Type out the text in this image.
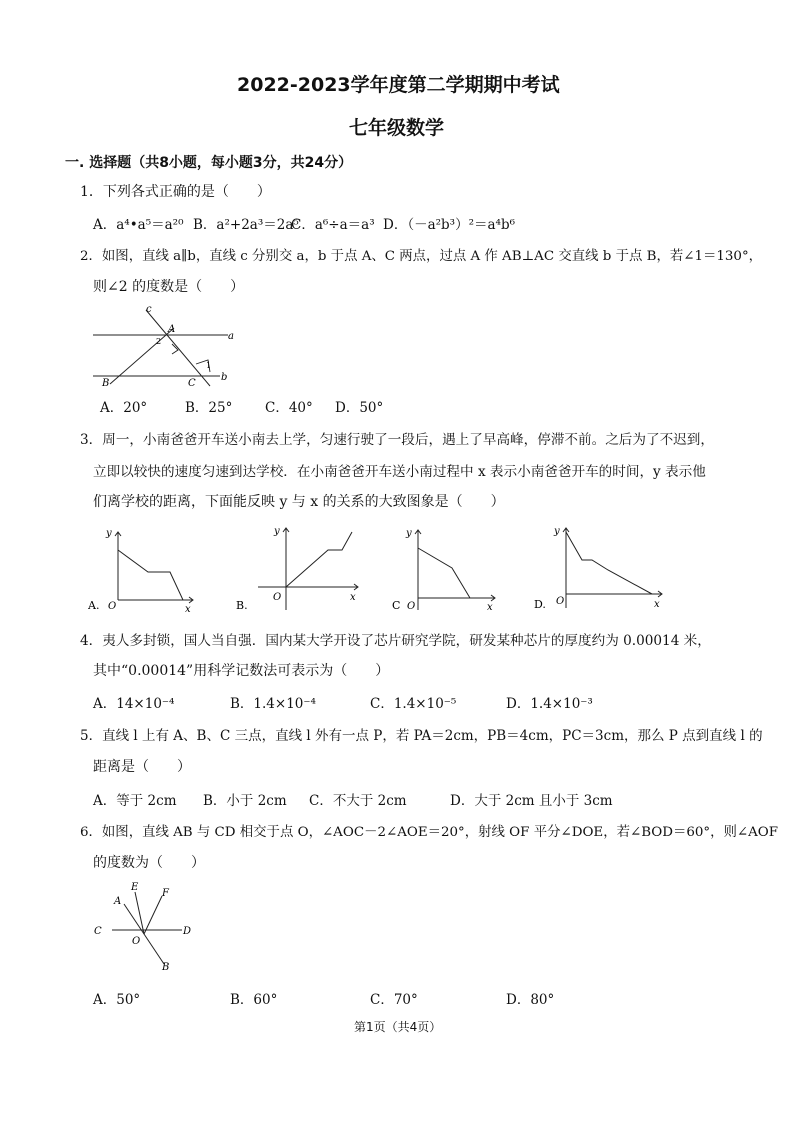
2022-2023学年度第二学期期中考试
七年级数学
一. 选择题（共8小题，每小题3分，共24分）
1．下列各式正确的是（　　）
A．a⁴•a⁵＝a²⁰ B．a²+2a³＝2a⁵
C．a⁶÷a＝a³ D．（－a²b³）²＝a⁴b⁶
2．如图，直线 a∥b，直线 c 分别交 a，b 于点 A、C 两点，过点 A 作 AB⊥AC 交直线 b 于点 B，若∠1＝130°，
则∠2 的度数是（　　）
c
a
A
2
1
B	C
b
A．20°	B．25° C．40° D．50°
3．周一，小南爸爸开车送小南去上学，匀速行驶了一段后，遇上了早高峰，停滞不前。之后为了不迟到，
立即以较快的速度匀速到达学校．在小南爸爸开车送小南过程中 x 表示小南爸爸开车的时间，y 表示他
们离学校的距离，下面能反映 y 与 x 的关系的大致图象是（　　）
y
A. O	x
y
B.
O	x
y
C O	x
y
D. O	x
4．夷人多封锁，国人当自强．国内某大学开设了芯片研究学院，研发某种芯片的厚度约为 0.00014 米，
其中“0.00014”用科学记数法可表示为（　　）
A．14×10⁻⁴	B．1.4×10⁻⁴	C．1.4×10⁻⁵	D．1.4×10⁻³
5．直线 l 上有 A、B、C 三点，直线 l 外有一点 P，若 PA＝2cm，PB＝4cm，PC＝3cm，那么 P 点到直线 l 的
距离是（　　）
A．等于 2cm B．小于 2cm C．不大于 2cm	D．大于 2cm 且小于 3cm
6．如图，直线 AB 与 CD 相交于点 O，∠AOC－2∠AOE＝20°，射线 OF 平分∠DOE，若∠BOD＝60°，则∠AOF
的度数为（　　）
A
E
F
C
O
D
B
A．50°	B．60°	C．70°	D．80°
第1页（共4页）
